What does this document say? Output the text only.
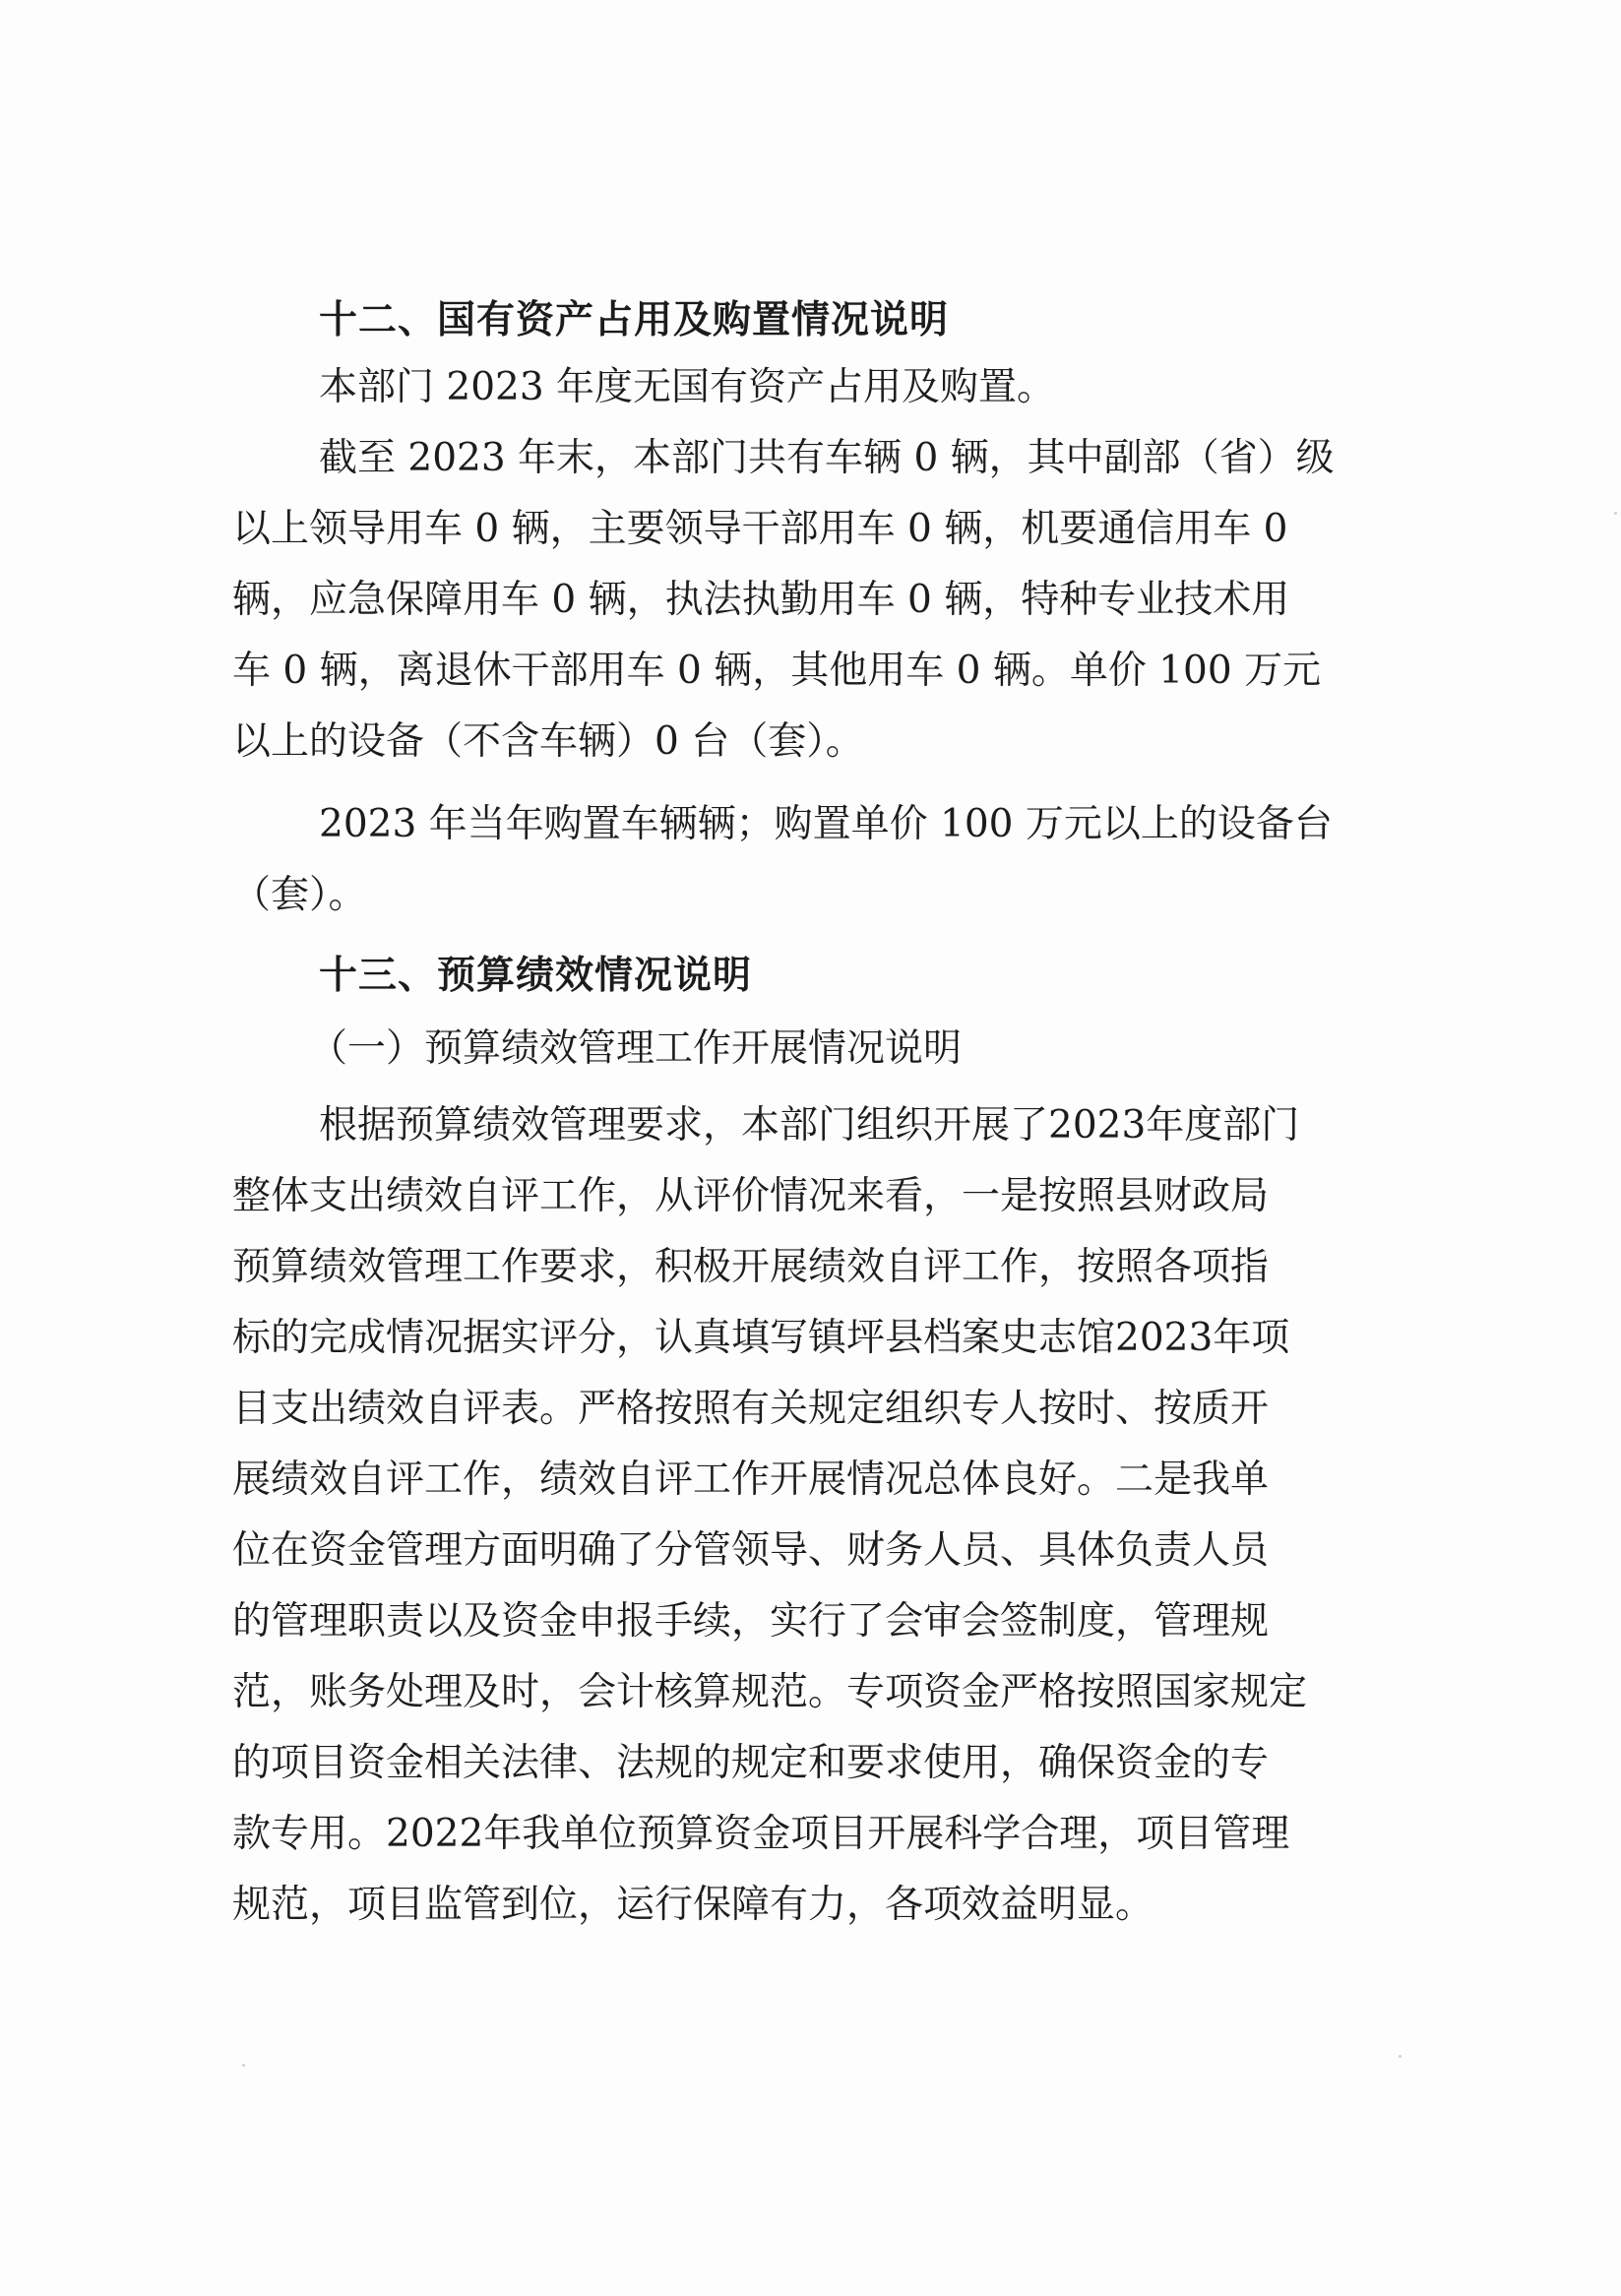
十二、国有资产占用及购置情况说明
本部门 2023 年度无国有资产占用及购置。
截至 2023 年末，本部门共有车辆 0 辆，其中副部（省）级
以上领导用车 0 辆，主要领导干部用车 0 辆，机要通信用车 0
辆，应急保障用车 0 辆，执法执勤用车 0 辆，特种专业技术用
车 0 辆，离退休干部用车 0 辆，其他用车 0 辆。单价 100 万元
以上的设备（不含车辆）0 台（套）。
2023 年当年购置车辆辆；购置单价 100 万元以上的设备台
（套）。
十三、预算绩效情况说明
（一）预算绩效管理工作开展情况说明
根据预算绩效管理要求，本部门组织开展了2023年度部门
整体支出绩效自评工作，从评价情况来看，一是按照县财政局
预算绩效管理工作要求，积极开展绩效自评工作，按照各项指
标的完成情况据实评分，认真填写镇坪县档案史志馆2023年项
目支出绩效自评表。严格按照有关规定组织专人按时、按质开
展绩效自评工作，绩效自评工作开展情况总体良好。二是我单
位在资金管理方面明确了分管领导、财务人员、具体负责人员
的管理职责以及资金申报手续，实行了会审会签制度，管理规
范，账务处理及时，会计核算规范。专项资金严格按照国家规定
的项目资金相关法律、法规的规定和要求使用，确保资金的专
款专用。2022年我单位预算资金项目开展科学合理，项目管理
规范，项目监管到位，运行保障有力，各项效益明显。
